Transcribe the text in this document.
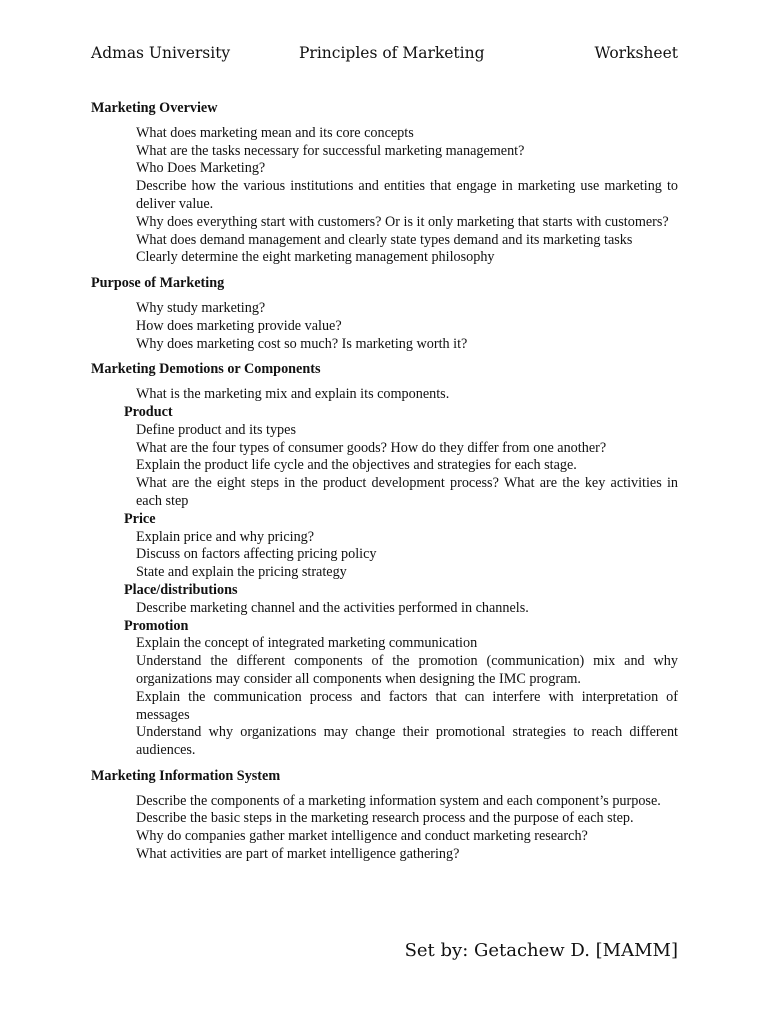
Admas University	Principles of Marketing	Worksheet

Marketing Overview

What does marketing mean and its core concepts
What are the tasks necessary for successful marketing management?
Who Does Marketing?
Describe how the various institutions and entities that engage in marketing use marketing to deliver value.
Why does everything start with customers? Or is it only marketing that starts with customers?
What does demand management and clearly state types demand and its marketing tasks
Clearly determine the eight marketing management philosophy

Purpose of Marketing

Why study marketing?
How does marketing provide value?
Why does marketing cost so much? Is marketing worth it?

Marketing Demotions or Components

What is the marketing mix and explain its components.
Product
Define product and its types
What are the four types of consumer goods? How do they differ from one another?
Explain the product life cycle and the objectives and strategies for each stage.
What are the eight steps in the product development process? What are the key activities in each step
Price
Explain price and why pricing?
Discuss on factors affecting pricing policy
State and explain the pricing strategy
Place/distributions
Describe marketing channel and the activities performed in channels.
Promotion
Explain the concept of integrated marketing communication
Understand the different components of the promotion (communication) mix and why organizations may consider all components when designing the IMC program.
Explain the communication process and factors that can interfere with interpretation of messages
Understand why organizations may change their promotional strategies to reach different audiences.

Marketing Information System

Describe the components of a marketing information system and each component’s purpose.
Describe the basic steps in the marketing research process and the purpose of each step.
Why do companies gather market intelligence and conduct marketing research?
What activities are part of market intelligence gathering?
Set by: Getachew D. [MAMM]
